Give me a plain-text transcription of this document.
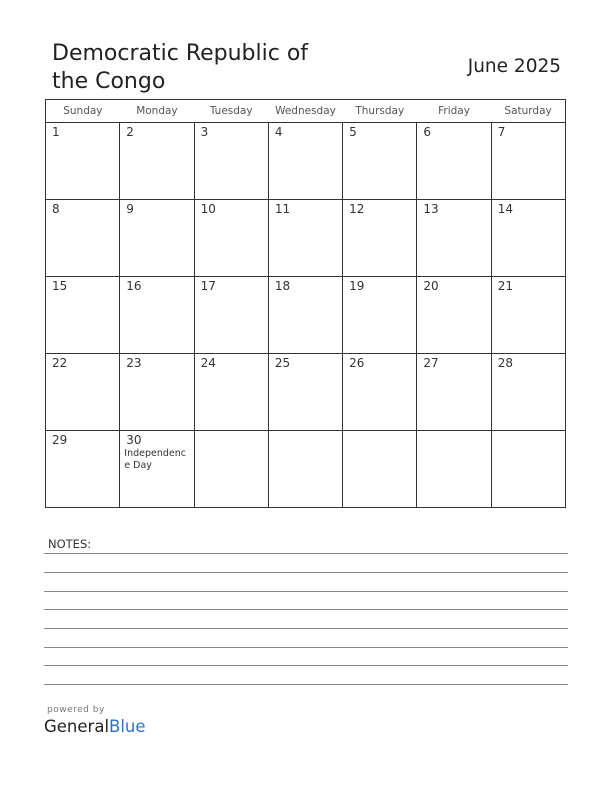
Democratic Republic of
the Congo
June 2025
Sunday	Monday	Tuesday	Wednesday	Thursday	Friday	Saturday

1	2	3	4	5	6	7

8	9	10	11	12	13	14

15	16	17	18	19	20	21

22	23	24	25	26	27	28

29	30
Independence Day					

NOTES:
powered by
GeneralBlue
